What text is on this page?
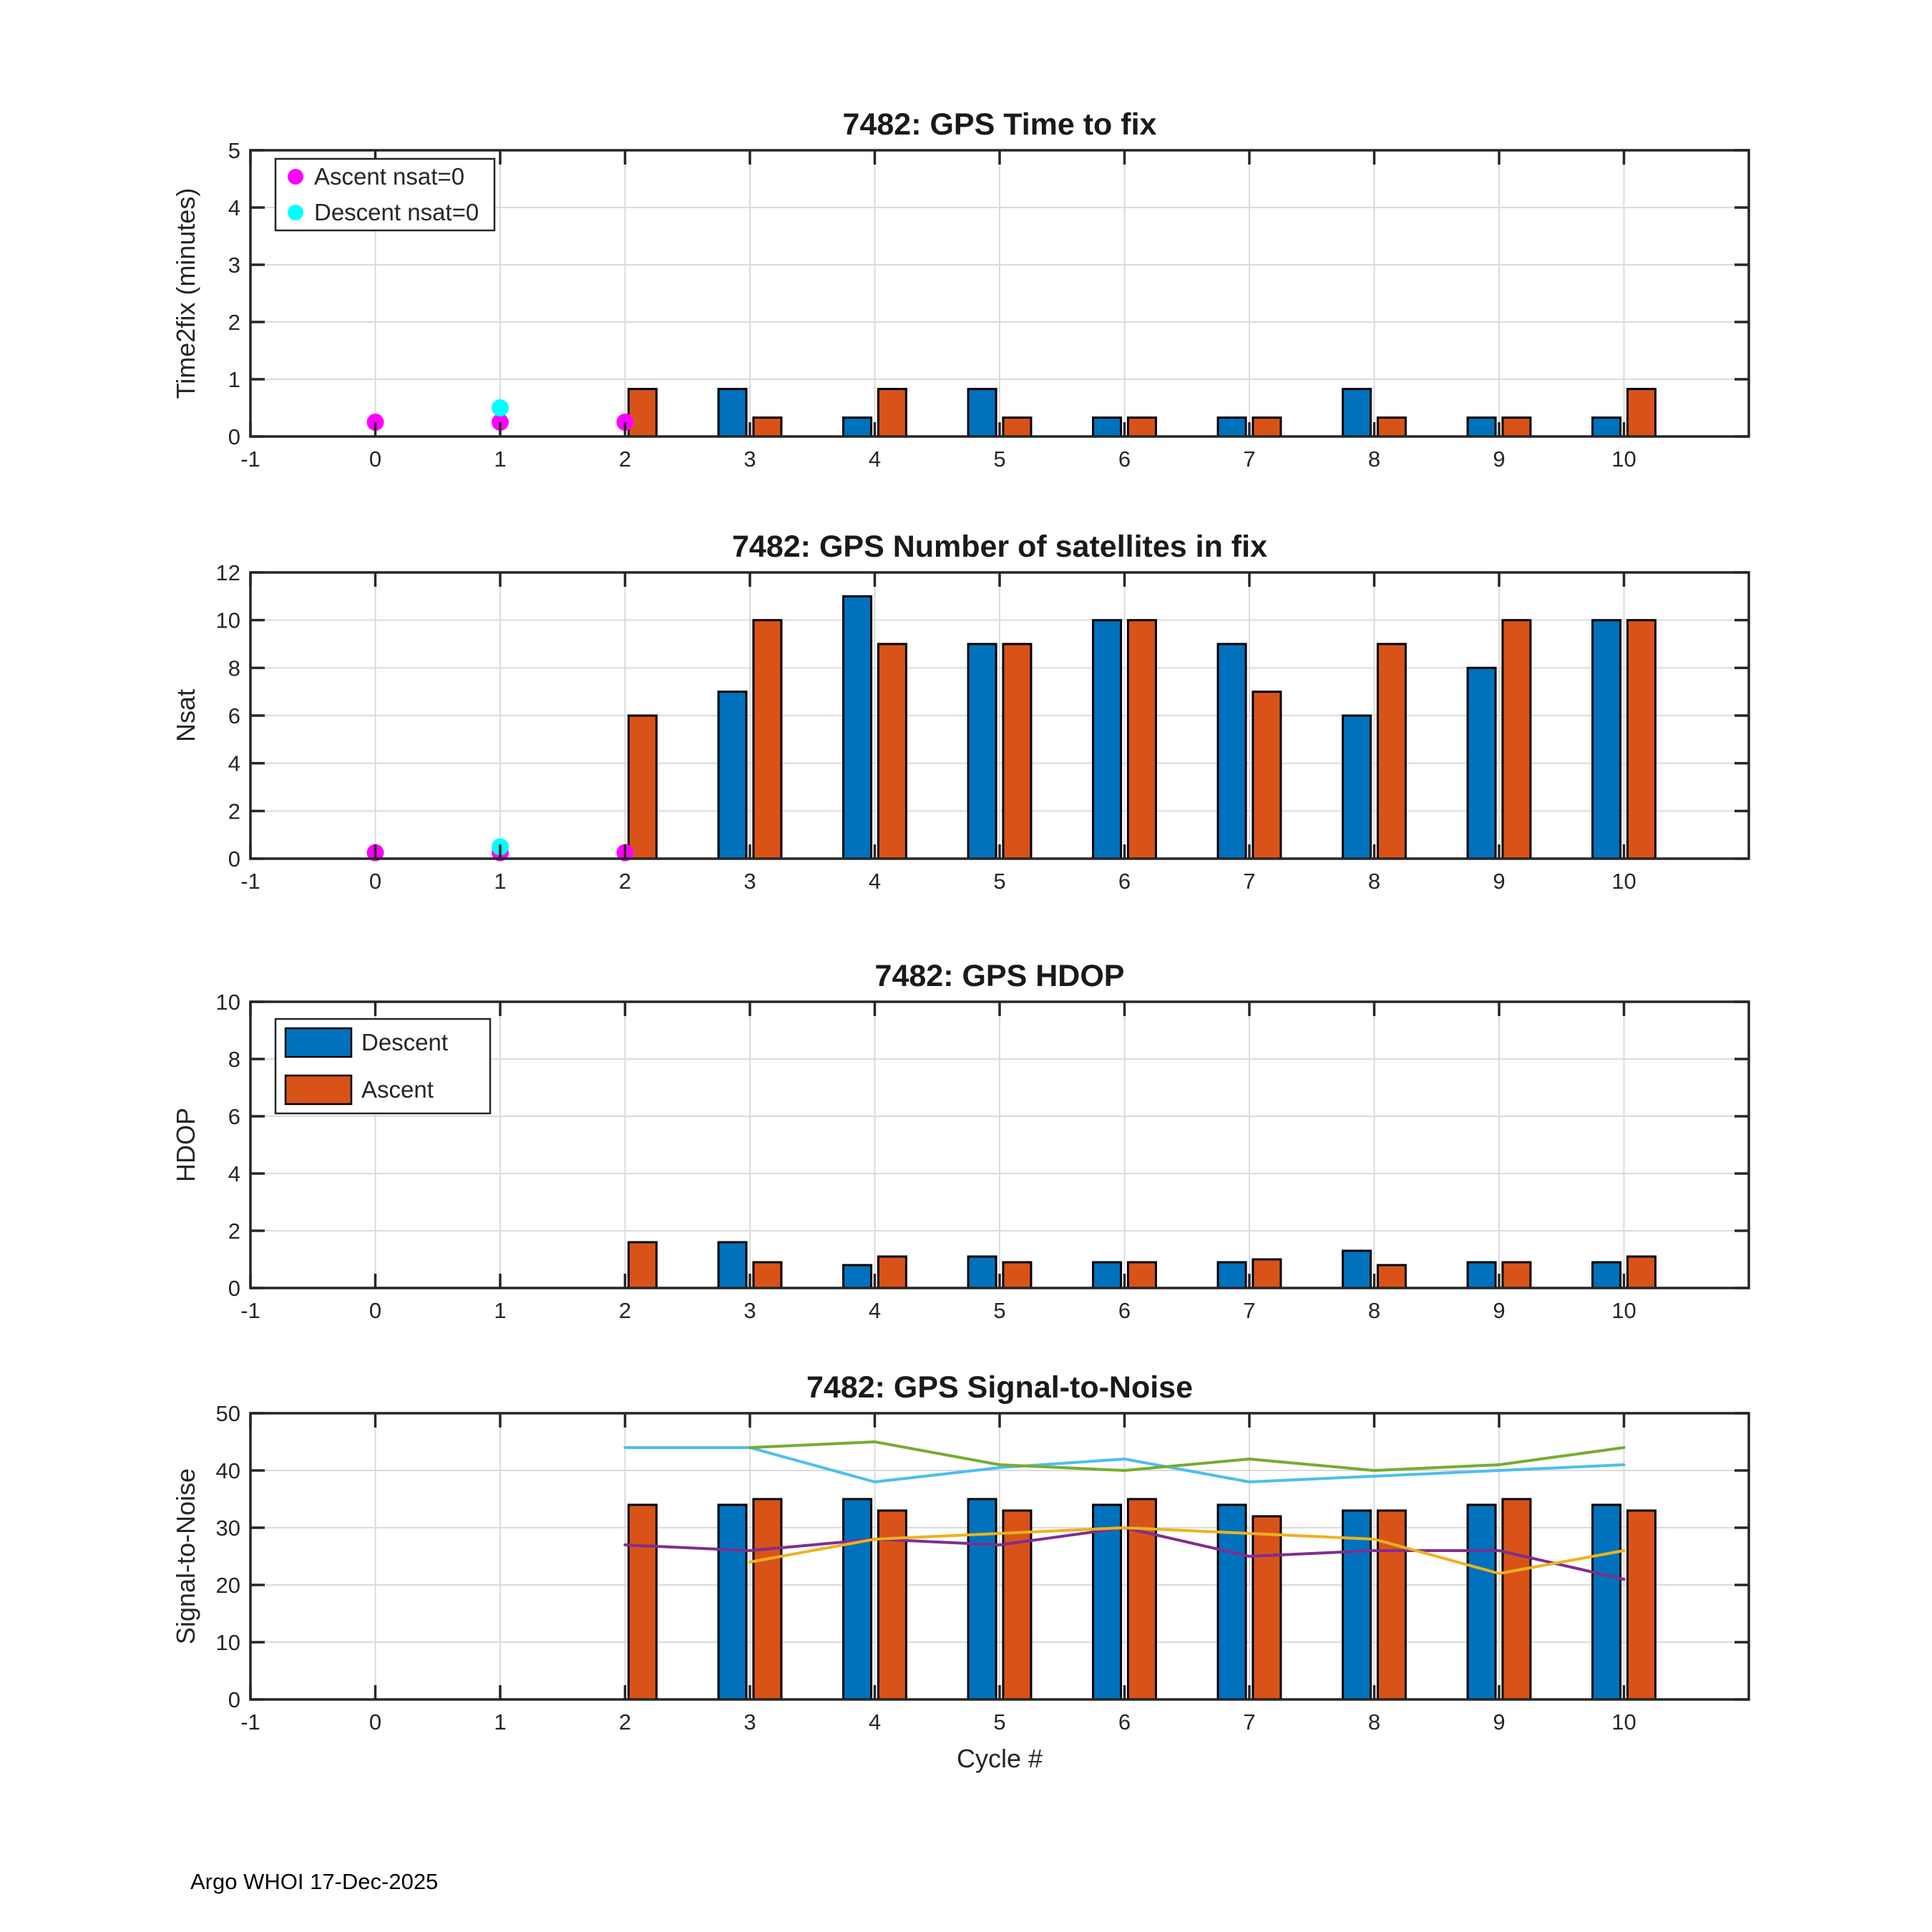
0
1
2
3
4
5
-1	0	1	2	3	4	5	6	7	8	9	10
7482: GPS Time to fix
Time2fix (minutes)
Ascent nsat=0
Descent nsat=0
0
2
4
6
8
10
12
-1	0	1	2	3	4	5	6	7	8	9	10
7482: GPS Number of satellites in fix
Nsat
0
2
4
6
8
10
-1	0	1	2	3	4	5	6	7	8	9	10
7482: GPS HDOP
HDOP
Descent
Ascent
0
10
20
30
40
50
-1	0	1	2	3	4	5	6	7	8	9	10
7482: GPS Signal-to-Noise
Signal-to-Noise
Cycle #
Argo WHOI 17-Dec-2025
